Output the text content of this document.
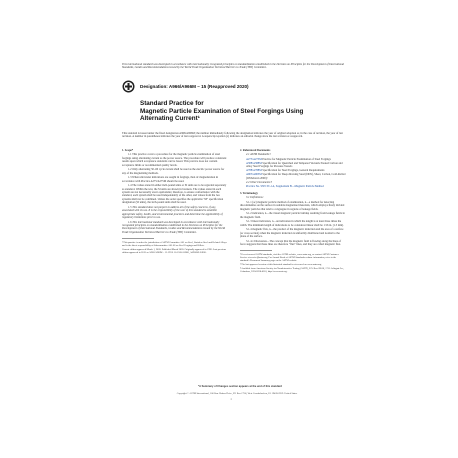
This international standard was developed in accordance with internationally recognized principles on standardization established in the Decision on Principles for the Development of International Standards, Guides and Recommendations issued by the World Trade Organization Technical Barriers to Trade (TBT) Committee.
Designation: A966/A966M – 15 (Reapproved 2020)
Standard Practice for
Magnetic Particle Examination of Steel Forgings Using
Alternating Current¹
This standard is issued under the fixed designation A966/A966M; the number immediately following the designation indicates the year of original adoption or, in the case of revision, the year of last revision. A number in parentheses indicates the year of last reapproval. A superscript epsilon (ε) indicates an editorial change since the last revision or reapproval.
1. Scope*
1.1 This practice covers a procedure for the magnetic particle examination of steel forgings using alternating current as the power source. The procedure will produce consistent results upon which acceptance standards can be based. This practice does not contain acceptance limits or recommended quality levels.
1.2 Only alternating 50–60 cycle current shall be used as the electric power source for any of the magnetizing methods.
1.3 When ultraviolet indications are sought in forgings, then dc magnetization in accordance with Practice A275/A275M should be used.
1.4 The values stated in either inch-pound units or SI units are to be regarded separately as standard. Within the text, the SI units are shown in brackets. The values stated in each system are not necessarily exact equivalents; therefore, to ensure conformance with the standard, each system shall be used independently of the other, and values from the two systems shall not be combined. Unless the order specifies the applicable "M" specification designation (SI units), the inch-pound units shall be used.
1.5 This standard does not purport to address all of the safety concerns, if any, associated with its use. It is the responsibility of the user of this standard to establish appropriate safety, health, and environmental practices and determine the applicability of regulatory limitations prior to use.
1.6 This international standard was developed in accordance with internationally recognized principles on standardization established in the Decision on Principles for the Development of International Standards, Guides and Recommendations issued by the World Trade Organization Technical Barriers to Trade (TBT) Committee.
¹ This practice is under the jurisdiction of ASTM Committee A01 on Steel, Stainless Steel and Related Alloys and is the direct responsibility of Subcommittee A01.06 on Steel Forgings and Billets.
Current edition approved March 1, 2020. Published March 2020. Originally approved in 1996. Last previous edition approved in 2015 as A966/A966M – 15. DOI: 10.1520/A0966_A0966M-15R20.
2. Referenced Documents
2.1 ASTM Standards:²
A275/A275M Practice for Magnetic Particle Examination of Steel Forgings
A388/A388M Specification for Quenched and Tempered Vacuum-Treated Carbon and Alloy Steel Forgings for Pressure Vessels
A788/A788M Specification for Steel Forgings, General Requirements
A903/A903M Specification for Deep-Drawing Steel (DDS), Sheet, Carbon, Cold-Rolled (Withdrawn 2000)³
2.2 Other Documents:⁴
Practice No. SNT-TC-1A, Supplement B—Magnetic Particle Method
3. Terminology
3.1 Definitions:
3.1.1 (ac) magnetic particle method of examination, n—a method for detecting discontinuities on the surface in suitable magnetized materials, which employs finely divided magnetic particles that tend to congregate in regions of leakage fields.
3.1.2 indication, n—the visual magnetic particle buildup resulting from leakage fields in the magnetic field.
3.1.3 linear indication, n—an indication in which the length is at least three times the width. The minimum length of indications to be considered linear shall be 1/16 in. [1.5 mm].
3.1.4 magnetic flux, n—the product of the magnetic induction and the area of a surface (or cross section) when the magnetic induction is uniformly distributed and normal to the plane of the surface.
3.1.4.1 Discussion—The concept that the magnetic field is flowing along the lines of force suggests that these lines are therefore "flux" lines, and they are called magnetic flux.
² For referenced ASTM standards, visit the ASTM website, www.astm.org, or contact ASTM Customer Service at service@astm.org. For Annual Book of ASTM Standards volume information, refer to the standard's Document Summary page on the ASTM website.
³ The last approved version of this historical standard is referenced on www.astm.org.
⁴ Available from American Society for Nondestructive Testing (ASNT), P.O. Box 28518, 1711 Arlingate Ln., Columbus, OH 43228-0518, http://www.asnt.org.
*A Summary of Changes section appears at the end of this standard
Copyright © ASTM International, 100 Barr Harbor Drive, PO Box C700, West Conshohocken, PA 19428-2959. United States
1
